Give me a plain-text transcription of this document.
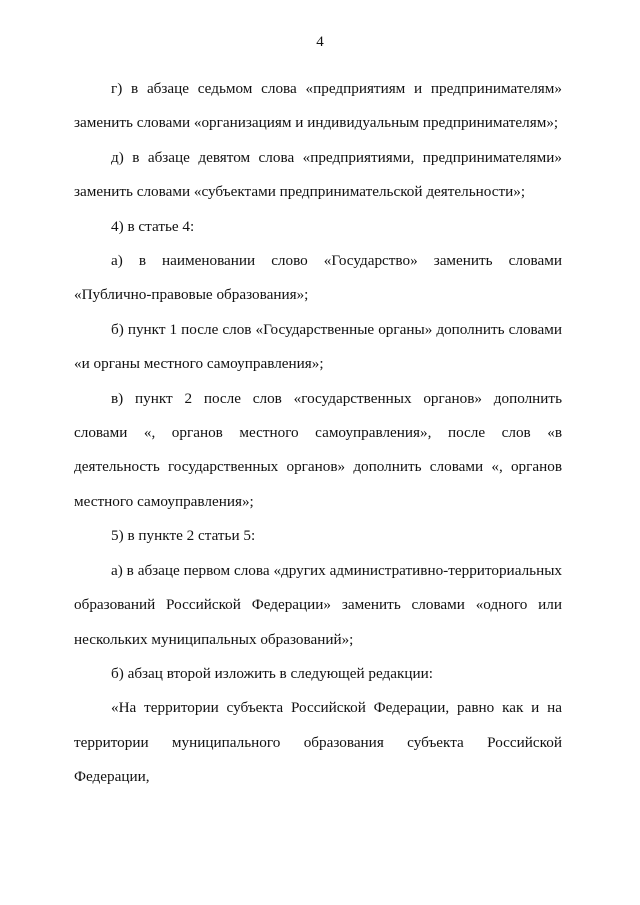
4

г) в абзаце седьмом слова «предприятиям и предпринимателям» заменить словами «организациям и индивидуальным предпринимателям»;

д) в абзаце девятом слова «предприятиями, предпринимателями» заменить словами «субъектами предпринимательской деятельности»;

4) в статье 4:

а) в наименовании слово «Государство» заменить словами «Публично-правовые образования»;

б) пункт 1 после слов «Государственные органы» дополнить словами «и органы местного самоуправления»;

в) пункт 2 после слов «государственных органов» дополнить словами «, органов местного самоуправления», после слов «в деятельность государственных органов» дополнить словами «, органов местного самоуправления»;

5) в пункте 2 статьи 5:

а) в абзаце первом слова «других административно-территориальных образований Российской Федерации» заменить словами «одного или нескольких муниципальных образований»;

б) абзац второй изложить в следующей редакции:

«На территории субъекта Российской Федерации, равно как и на территории муниципального образования субъекта Российской Федерации,
